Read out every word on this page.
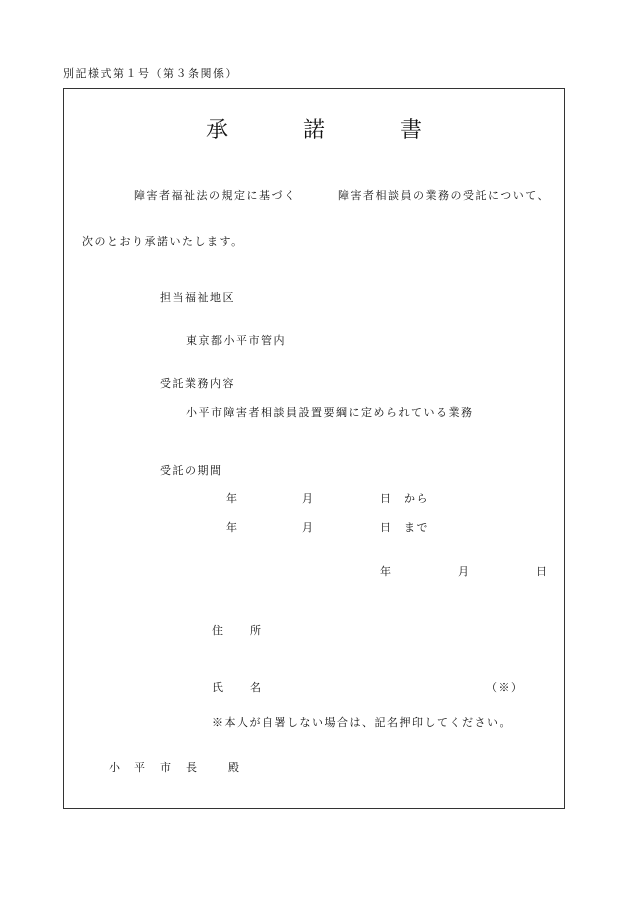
別記様式第１号（第３条関係）
承	諾	書
障害者福祉法の規定に基づく	障害者相談員の業務の受託について、
次のとおり承諾いたします。
担当福祉地区
東京都小平市管内
受託業務内容
小平市障害者相談員設置要綱に定められている業務
受託の期間
年	月	日 から
年	月	日 まで
年	月	日
住 所
氏 名	（※）
※本人が自署しない場合は、記名押印してください。
小 平 市 長	殿
